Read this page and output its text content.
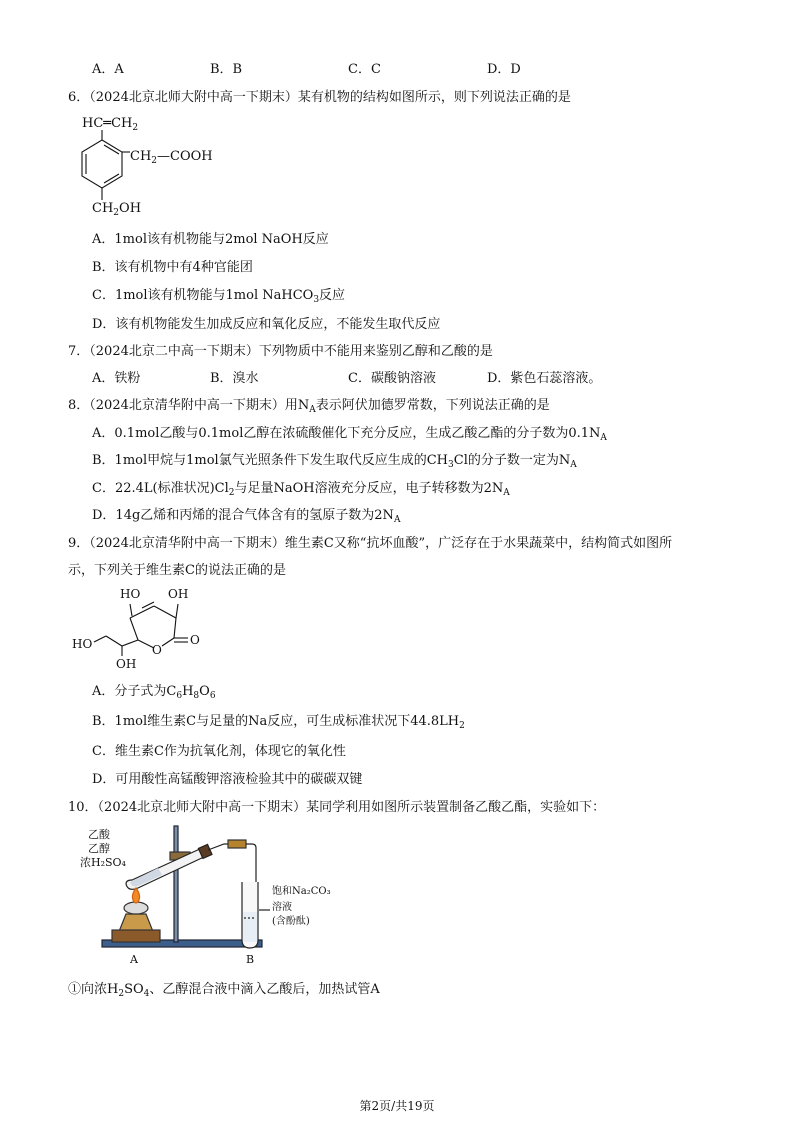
A．A	B．B	C．C	D．D
6．（2024北京北师大附中高一下期末）某有机物的结构如图所示，则下列说法正确的是
$HC═CH_2$
$CH_2—COOH$
$CH_2OH$
A．1mol该有机物能与2mol NaOH反应
B．该有机物中有4种官能团
C．1mol该有机物能与1mol NaHCO$_3$反应
D．该有机物能发生加成反应和氧化反应，不能发生取代反应
7．（2024北京二中高一下期末）下列物质中不能用来鉴别乙醇和乙酸的是
A．铁粉	B．溴水	C．碳酸钠溶液	D．紫色石蕊溶液。
8．（2024北京清华附中高一下期末）用$N_A$表示阿伏加德罗常数，下列说法正确的是
A．0.1mol乙酸与0.1mol乙醇在浓硫酸催化下充分反应，生成乙酸乙酯的分子数为$0.1N_A$
B．1mol甲烷与1mol氯气光照条件下发生取代反应生成的$CH_3Cl$的分子数一定为$N_A$
C．22.4L(标准状况)$Cl_2$与足量NaOH溶液充分反应，电子转移数为$2N_A$
D．14g乙烯和丙烯的混合气体含有的氢原子数为$2N_A$
9．（2024北京清华附中高一下期末）维生素C又称“抗坏血酸”，广泛存在于水果蔬菜中，结构简式如图所
示，下列关于维生素C的说法正确的是
HO OH
HO
OH
O
O
A．分子式为$C_6H_8O_6$
B．1mol维生素C与足量的Na反应，可生成标准状况下$44.8LH_2$
C．维生素C作为抗氧化剂，体现它的氧化性
D．可用酸性高锰酸钾溶液检验其中的碳碳双键
10．（2024北京北师大附中高一下期末）某同学利用如图所示装置制备乙酸乙酯，实验如下：
乙酸
乙醇
浓H₂SO₄
饱和Na₂CO₃
溶液
(含酚酞)
A	B
①向浓$H_2SO_4$、乙醇混合液中滴入乙酸后，加热试管A
第2页/共19页
